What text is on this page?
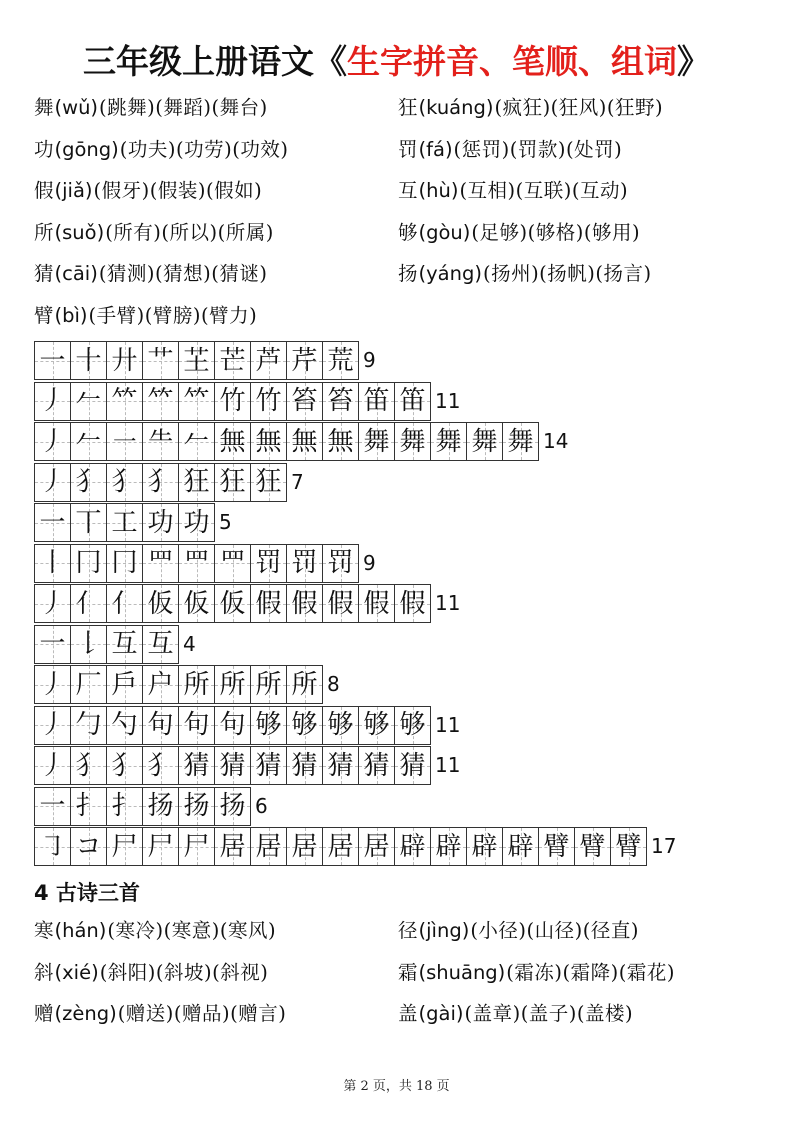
三年级上册语文《生字拼音、笔顺、组词》
舞(wǔ)(跳舞)(舞蹈)(舞台)	狂(kuáng)(疯狂)(狂风)(狂野)
功(gōng)(功夫)(功劳)(功效)	罚(fá)(惩罚)(罚款)(处罚)
假(jiǎ)(假牙)(假装)(假如)	互(hù)(互相)(互联)(互动)
所(suǒ)(所有)(所以)(所属)	够(gòu)(足够)(够格)(够用)
猜(cāi)(猜测)(猜想)(猜谜)	扬(yáng)(扬州)(扬帆)(扬言)
臂(bì)(手臂)(臂膀)(臂力)
一 十 廾 艹 芏 芒 芦 芹 荒 9
丿 𠂉 𥫗 𥫗 𥫗 竹 竹 笞 笞 笛 笛 11
丿 𠂉 ㇐ ⺧ 𠂉 無 無 無 無 舞 舞 舞 舞 舞 14
丿 犭 犭 犭 狂 狂 狂 7
一 丅 工 功 功 5
丨 冂 冂 罒 罒 罒 罚 罚 罚 9
丿 亻 亻 仮 仮 仮 假 假 假 假 假 11
一 𠄌 互 互 4
丿 厂 戶 户 所 所 所 所 8
丿 勹 勺 句 句 句 够 够 够 够 够 11
丿 犭 犭 犭 猜 猜 猜 猜 猜 猜 猜 11
一 扌 扌 扬 扬 扬 6
㇆ コ 尸 尸 尸 居 居 居 居 居 辟 辟 辟 辟 臂 臂 臂 17
4 古诗三首
寒(hán)(寒冷)(寒意)(寒风)	径(jìng)(小径)(山径)(径直)
斜(xié)(斜阳)(斜坡)(斜视)	霜(shuāng)(霜冻)(霜降)(霜花)
赠(zèng)(赠送)(赠品)(赠言)	盖(gài)(盖章)(盖子)(盖楼)
第 2 页，共 18 页
